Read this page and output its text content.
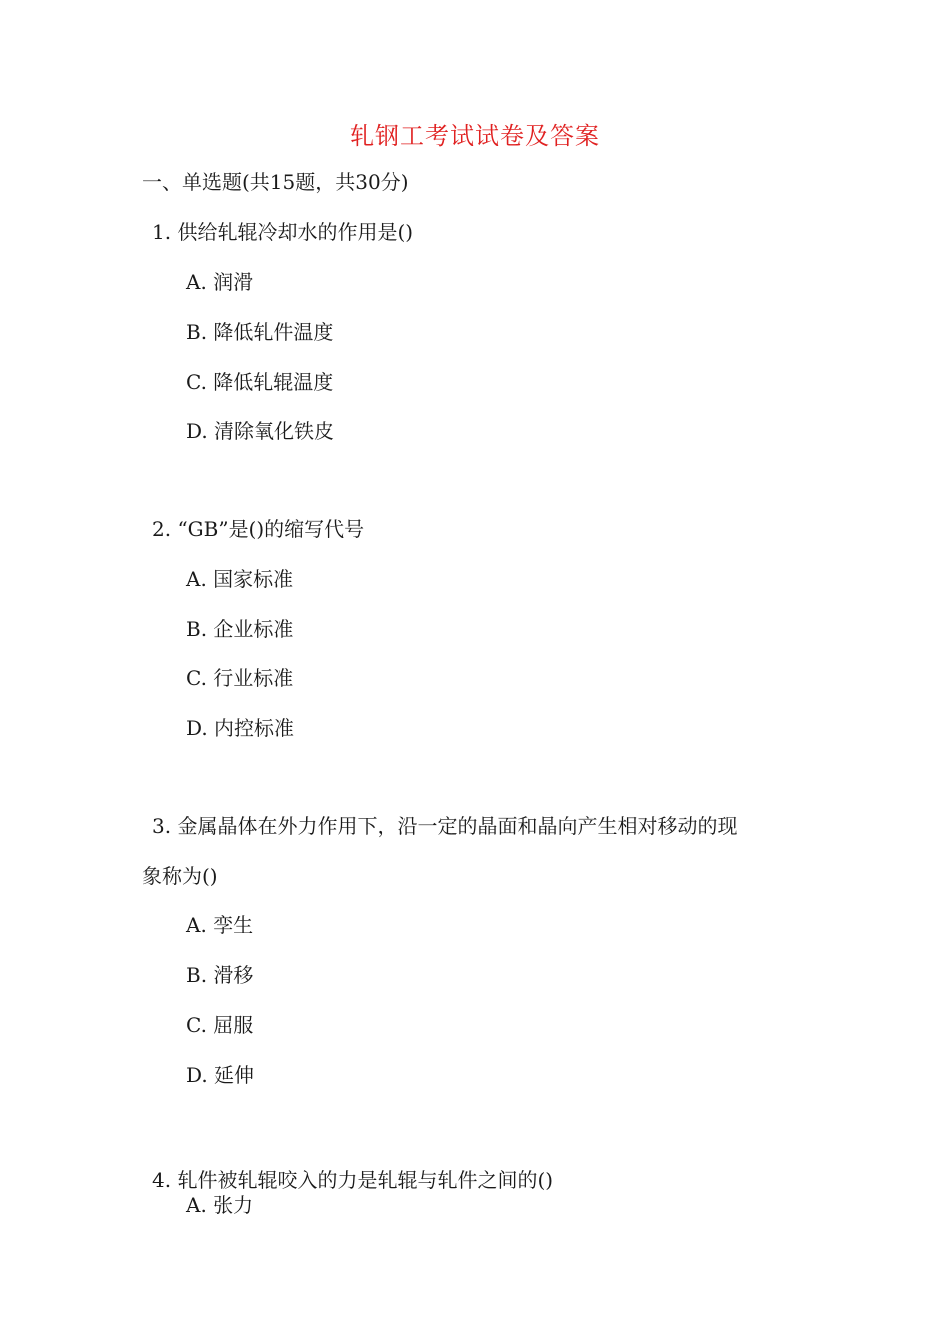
轧钢工考试试卷及答案
一、单选题(共15题，共30分)
1. 供给轧辊冷却水的作用是()
A. 润滑
B. 降低轧件温度
C. 降低轧辊温度
D. 清除氧化铁皮
2. “GB”是()的缩写代号
A. 国家标准
B. 企业标准
C. 行业标准
D. 内控标准
3. 金属晶体在外力作用下，沿一定的晶面和晶向产生相对移动的现
象称为()
A. 孪生
B. 滑移
C. 屈服
D. 延伸
4. 轧件被轧辊咬入的力是轧辊与轧件之间的()
A. 张力
